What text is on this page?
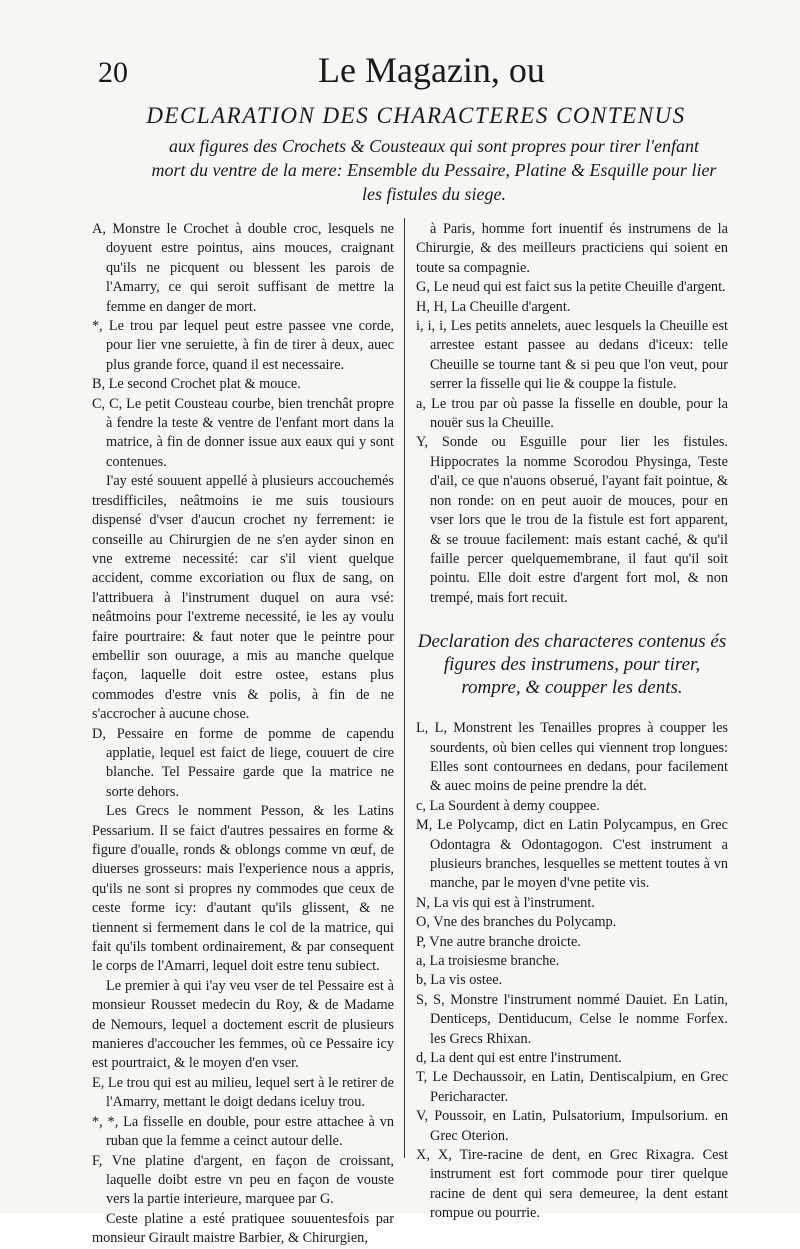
20	Le Magazin, ou
DECLARATION DES CHARACTERES CONTENUS
aux figures des Crochets & Cousteaux qui sont propres pour tirer l'enfant mort du ventre de la mere: Ensemble du Pessaire, Platine & Esquille pour lier les fistules du siege.

A, Monstre le Crochet à double croc, lesquels ne doyuent estre pointus, ains mouces, craignant qu'ils ne picquent ou blessent les parois de l'Amarry, ce qui seroit suffisant de mettre la femme en danger de mort.

*, Le trou par lequel peut estre passee vne corde, pour lier vne seruiette, à fin de tirer à deux, auec plus grande force, quand il est necessaire.

B, Le second Crochet plat & mouce.

C, C, Le petit Cousteau courbe, bien trenchât propre à fendre la teste & ventre de l'enfant mort dans la matrice, à fin de donner issue aux eaux qui y sont contenues.

I'ay esté souuent appellé à plusieurs accouchemés tresdifficiles, neâtmoins ie me suis tousiours dispensé d'vser d'aucun crochet ny ferrement: ie conseille au Chirurgien de ne s'en ayder sinon en vne extreme necessité: car s'il vient quelque accident, comme excoriation ou flux de sang, on l'attribuera à l'instrument duquel on aura vsé: neâtmoins pour l'extreme necessité, ie les ay voulu faire pourtraire: & faut noter que le peintre pour embellir son ouurage, a mis au manche quelque façon, laquelle doit estre ostee, estans plus commodes d'estre vnis & polis, à fin de ne s'accrocher à aucune chose.

D, Pessaire en forme de pomme de capendu applatie, lequel est faict de liege, couuert de cire blanche. Tel Pessaire garde que la matrice ne sorte dehors.

Les Grecs le nomment Pesson, & les Latins Pessarium. Il se faict d'autres pessaires en forme & figure d'oualle, ronds & oblongs comme vn œuf, de diuerses grosseurs: mais l'experience nous a appris, qu'ils ne sont si propres ny commodes que ceux de ceste forme icy: d'autant qu'ils glissent, & ne tiennent si fermement dans le col de la matrice, qui fait qu'ils tombent ordinairement, & par consequent le corps de l'Amarri, lequel doit estre tenu subiect.

Le premier à qui i'ay veu vser de tel Pessaire est à monsieur Rousset medecin du Roy, & de Madame de Nemours, lequel a doctement escrit de plusieurs manieres d'accoucher les femmes, où ce Pessaire icy est pourtraict, & le moyen d'en vser.

E, Le trou qui est au milieu, lequel sert à le retirer de l'Amarry, mettant le doigt dedans iceluy trou.

*, *, La fisselle en double, pour estre attachee à vn ruban que la femme a ceinct autour delle.

F, Vne platine d'argent, en façon de croissant, laquelle doibt estre vn peu en façon de vouste vers la partie interieure, marquee par G.

Ceste platine a esté pratiquee souuentesfois par monsieur Girault maistre Barbier, & Chirurgien,

à Paris, homme fort inuentif és instrumens de la Chirurgie, & des meilleurs practiciens qui soient en toute sa compagnie.

G, Le neud qui est faict sus la petite Cheuille d'argent.

H, H, La Cheuille d'argent.

i, i, i, Les petits annelets, auec lesquels la Cheuille est arrestee estant passee au dedans d'iceux: telle Cheuille se tourne tant & si peu que l'on veut, pour serrer la fisselle qui lie & couppe la fistule.

a, Le trou par où passe la fisselle en double, pour la nouër sus la Cheuille.

Y, Sonde ou Esguille pour lier les fistules. Hippocrates la nomme Scorodou Physinga, Teste d'ail, ce que n'auons obserué, l'ayant fait pointue, & non ronde: on en peut auoir de mouces, pour en vser lors que le trou de la fistule est fort apparent, & se trouue facilement: mais estant caché, & qu'il faille percer quelquemembrane, il faut qu'il soit pointu. Elle doit estre d'argent fort mol, & non trempé, mais fort recuit.

Declaration des characteres contenus és figures des instrumens, pour tirer, rompre, & coupper les dents.

L, L, Monstrent les Tenailles propres à coupper les sourdents, où bien celles qui viennent trop longues: Elles sont contournees en dedans, pour facilement & auec moins de peine prendre la dét.

c, La Sourdent à demy couppee.

M, Le Polycamp, dict en Latin Polycampus, en Grec Odontagra & Odontagogon. C'est instrument a plusieurs branches, lesquelles se mettent toutes à vn manche, par le moyen d'vne petite vis.

N, La vis qui est à l'instrument.

O, Vne des branches du Polycamp.

P, Vne autre branche droicte.

a, La troisiesme branche.

b, La vis ostee.

S, S, Monstre l'instrument nommé Dauiet. En Latin, Denticeps, Dentiducum, Celse le nomme Forfex. les Grecs Rhixan.

d, La dent qui est entre l'instrument.

T, Le Dechaussoir, en Latin, Dentiscalpium, en Grec Pericharacter.

V, Poussoir, en Latin, Pulsatorium, Impulsorium. en Grec Oterion.

X, X, Tire-racine de dent, en Grec Rixagra. Cest instrument est fort commode pour tirer quelque racine de dent qui sera demeuree, la dent estant rompue ou pourrie.
